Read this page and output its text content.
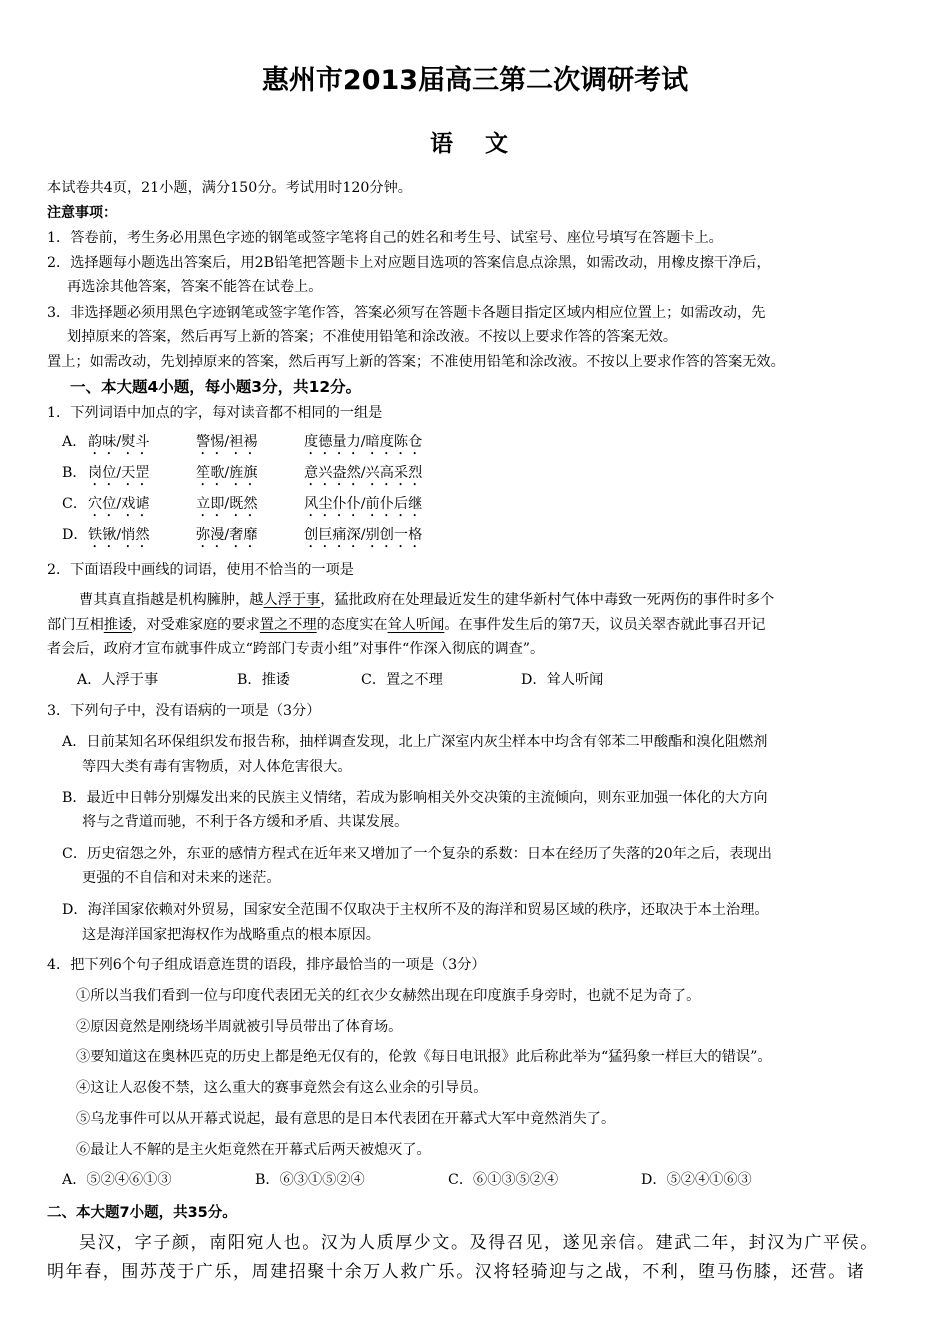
惠州市2013届高三第二次调研考试
语 文
本试卷共4页，21小题，满分150分。考试用时120分钟。
注意事项：
1．答卷前，考生务必用黑色字迹的钢笔或签字笔将自己的姓名和考生号、试室号、座位号填写在答题卡上。
2．选择题每小题选出答案后，用2B铅笔把答题卡上对应题目选项的答案信息点涂黑，如需改动，用橡皮擦干净后，
再选涂其他答案，答案不能答在试卷上。
3．非选择题必须用黑色字迹钢笔或签字笔作答，答案必须写在答题卡各题目指定区域内相应位置上；如需改动，先
划掉原来的答案，然后再写上新的答案；不准使用铅笔和涂改液。不按以上要求作答的答案无效。
置上；如需改动，先划掉原来的答案，然后再写上新的答案；不准使用铅笔和涂改液。不按以上要求作答的答案无效。
一、本大题4小题，每小题3分，共12分。
1．下列词语中加点的字，每对读音都不相同的一组是
A． 韵味/熨斗	警惕/袒裼	度德量力/暗度陈仓
B．岗位/天罡	笙歌/旌旗	意兴盎然/兴高采烈
C．穴位/戏谑	立即/既然	风尘仆仆/前仆后继
D．铁锹/悄然	弥漫/奢靡	创巨痛深/别创一格
2．下面语段中画线的词语，使用不恰当的一项是
曹其真直指越是机构臃肿，越人浮于事，猛批政府在处理最近发生的建华新村气体中毒致一死两伤的事件时多个
部门互相推诿，对受难家庭的要求置之不理的态度实在耸人听闻。在事件发生后的第7天，议员关翠杏就此事召开记
者会后，政府才宣布就事件成立“跨部门专责小组”对事件“作深入彻底的调查”。
A．人浮于事	B．推诿	C．置之不理	D．耸人听闻
3．下列句子中，没有语病的一项是（3分）
A．日前某知名环保组织发布报告称，抽样调查发现，北上广深室内灰尘样本中均含有邻苯二甲酸酯和溴化阻燃剂
等四大类有毒有害物质，对人体危害很大。
B．最近中日韩分别爆发出来的民族主义情绪，若成为影响相关外交决策的主流倾向，则东亚加强一体化的大方向
将与之背道而驰，不利于各方缓和矛盾、共谋发展。
C．历史宿怨之外，东亚的感情方程式在近年来又增加了一个复杂的系数：日本在经历了失落的20年之后，表现出
更强的不自信和对未来的迷茫。
D．海洋国家依赖对外贸易，国家安全范围不仅取决于主权所不及的海洋和贸易区域的秩序，还取决于本土治理。
这是海洋国家把海权作为战略重点的根本原因。
4．把下列6个句子组成语意连贯的语段，排序最恰当的一项是（3分）
①所以当我们看到一位与印度代表团无关的红衣少女赫然出现在印度旗手身旁时，也就不足为奇了。
②原因竟然是刚绕场半周就被引导员带出了体育场。
③要知道这在奥林匹克的历史上都是绝无仅有的，伦敦《每日电讯报》此后称此举为“猛犸象一样巨大的错误”。
④这让人忍俊不禁，这么重大的赛事竟然会有这么业余的引导员。
⑤乌龙事件可以从开幕式说起，最有意思的是日本代表团在开幕式大军中竟然消失了。
⑥最让人不解的是主火炬竟然在开幕式后两天被熄灭了。
A．⑤②④⑥①③	B．⑥③①⑤②④	C．⑥①③⑤②④	D．⑤②④①⑥③
二、本大题7小题，共35分。
吴汉，字子颜，南阳宛人也。汉为人质厚少文。及得召见，遂见亲信。建武二年，封汉为广平侯。
明年春，围苏茂于广乐，周建招聚十余万人救广乐。汉将轻骑迎与之战，不利，堕马伤膝，还营。诸
